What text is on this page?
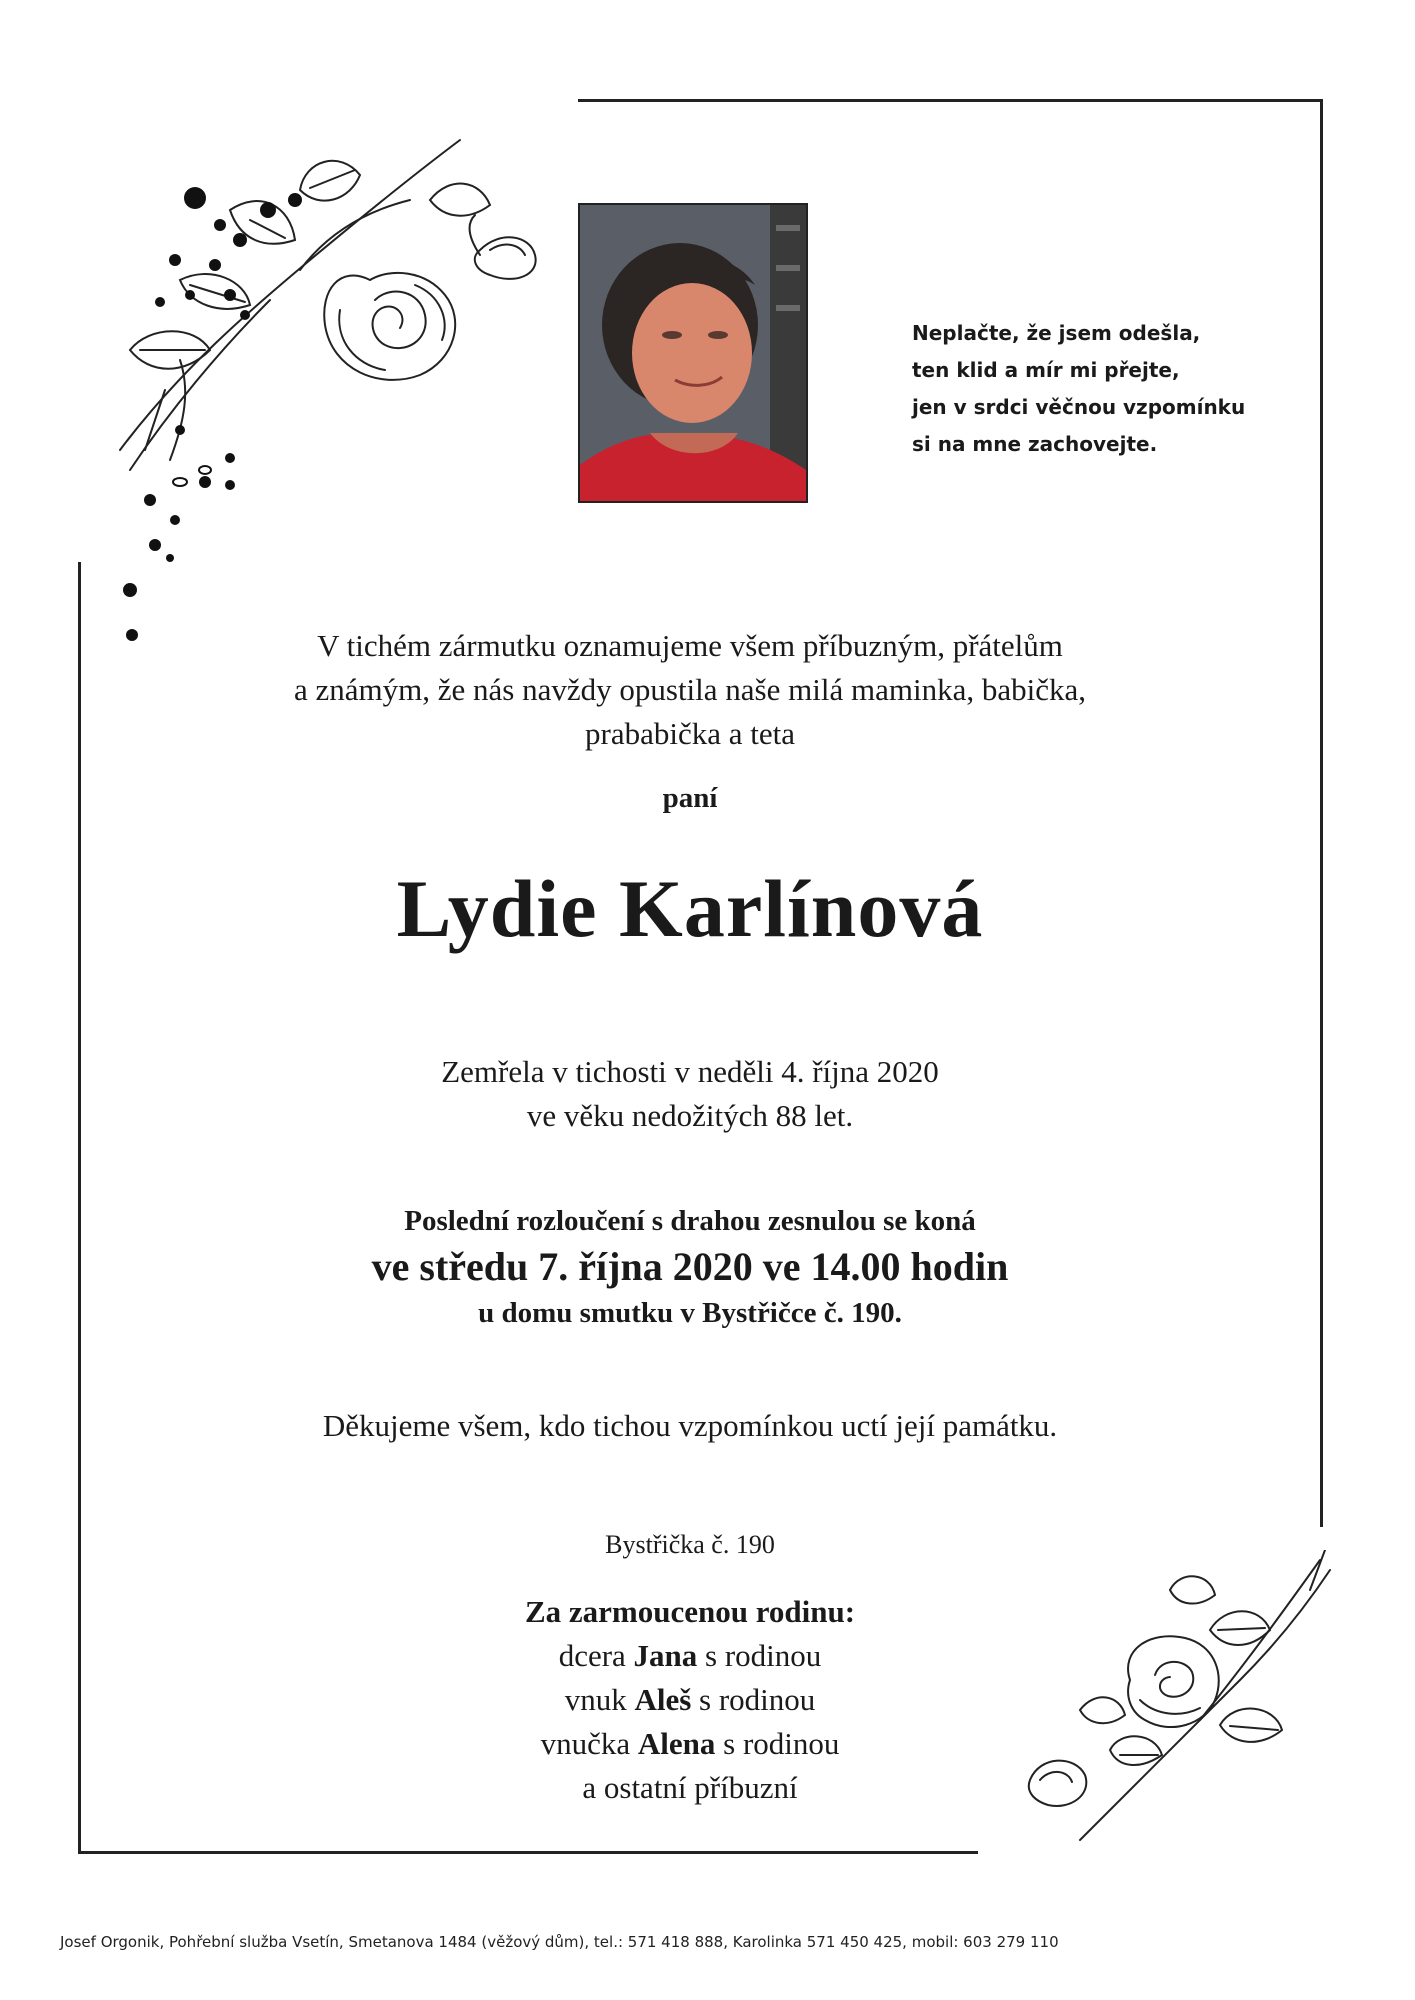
Neplačte, že jsem odešla,
ten klid a mír mi přejte,
jen v srdci věčnou vzpomínku
si na mne zachovejte.
V tichém zármutku oznamujeme všem příbuzným, přátelům
a známým, že nás navždy opustila naše milá maminka, babička,
prababička a teta
paní
Lydie Karlínová
Zemřela v tichosti v neděli 4. října 2020
ve věku nedožitých 88 let.
Poslední rozloučení s drahou zesnulou se koná
ve středu 7. října 2020 ve 14.00 hodin
u domu smutku v Bystřičce č. 190.
Děkujeme všem, kdo tichou vzpomínkou uctí její památku.
Bystřička č. 190
Za zarmoucenou rodinu:
dcera Jana s rodinou
vnuk Aleš s rodinou
vnučka Alena s rodinou
a ostatní příbuzní
Josef Orgonik, Pohřební služba Vsetín, Smetanova 1484 (věžový dům), tel.: 571 418 888, Karolinka 571 450 425, mobil: 603 279 110
